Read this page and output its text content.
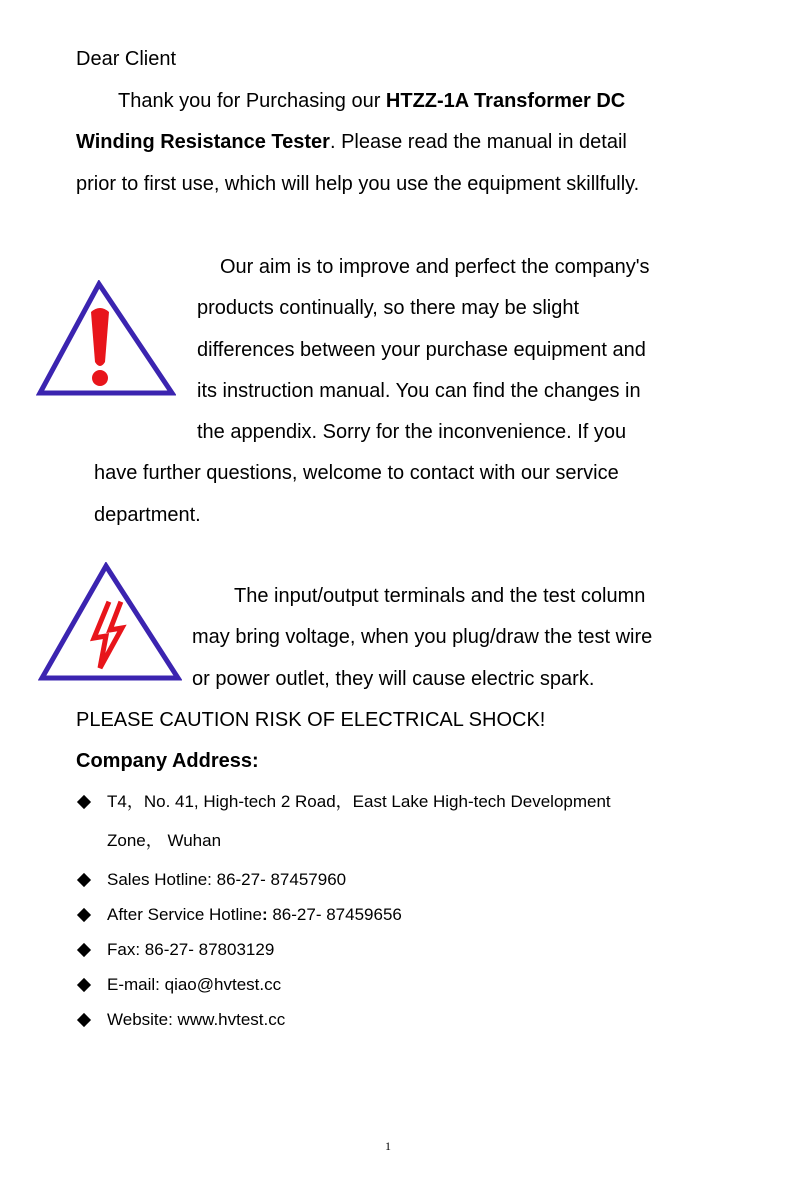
Dear Client
Thank you for Purchasing our HTZZ-1A Transformer DC
Winding Resistance Tester. Please read the manual in detail
prior to first use, which will help you use the equipment skillfully.
Our aim is to improve and perfect the company's
products continually, so there may be slight
differences between your purchase equipment and
its instruction manual. You can find the changes in
the appendix. Sorry for the inconvenience. If you
have further questions, welcome to contact with our service
department.
The input/output terminals and the test column
may bring voltage, when you plug/draw the test wire
or power outlet, they will cause electric spark.
PLEASE CAUTION RISK OF ELECTRICAL SHOCK!
Company Address:
T4，No. 41, High-tech 2 Road，East Lake High-tech Development
Zone， Wuhan
Sales Hotline: 86-27- 87457960
After Service Hotline: 86-27- 87459656
Fax: 86-27- 87803129
E-mail: qiao@hvtest.cc
Website: www.hvtest.cc
1
